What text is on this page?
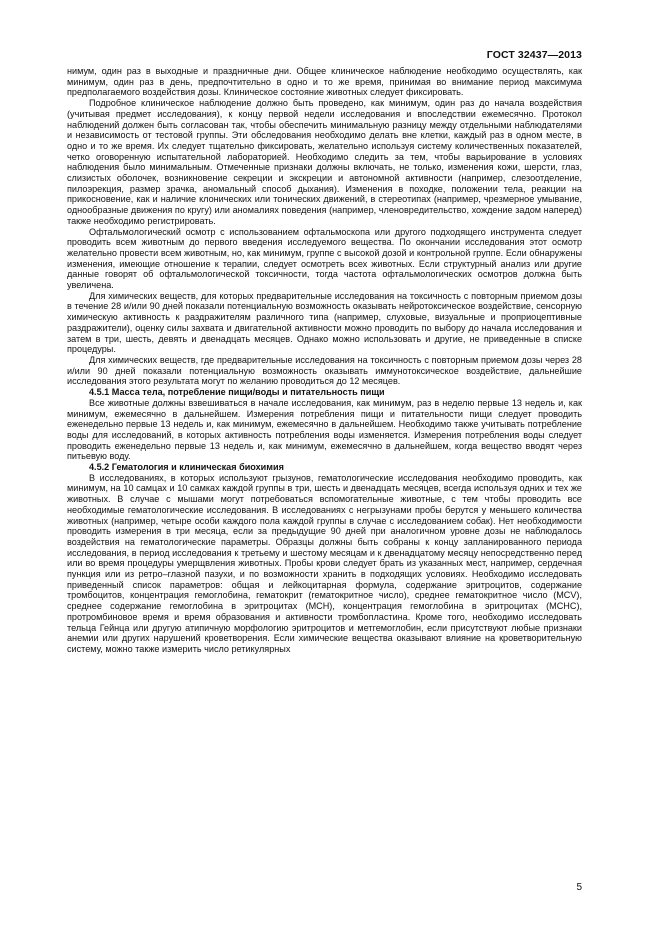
ГОСТ 32437—2013

нимум, один раз в выходные и праздничные дни. Общее клиническое наблюдение необходимо осуществлять, как минимум, один раз в день, предпочтительно в одно и то же время, принимая во внимание период максимума предполагаемого воздействия дозы. Клиническое состояние животных следует фиксировать.

Подробное клиническое наблюдение должно быть проведено, как минимум, один раз до начала воздействия (учитывая предмет исследования), к концу первой недели исследования и впоследствии ежемесячно. Протокол наблюдений должен быть согласован так, чтобы обеспечить минимальную разницу между отдельными наблюдателями и независимость от тестовой группы. Эти обследования необходимо делать вне клетки, каждый раз в одном месте, в одно и то же время. Их следует тщательно фиксировать, желательно используя систему количественных показателей, четко оговоренную испытательной лабораторией. Необходимо следить за тем, чтобы варьирование в условиях наблюдения было минимальным. Отмеченные признаки должны включать, не только, изменения кожи, шерсти, глаз, слизистых оболочек, возникновение секреции и экскреции и автономной активности (например, слезоотделение, пилоэрекция, размер зрачка, аномальный способ дыхания). Изменения в походке, положении тела, реакции на прикосновение, как и наличие клонических или тонических движений, в стереотипах (например, чрезмерное умывание, однообразные движения по кругу) или аномалиях поведения (например, членовредительство, хождение задом наперед) также необходимо регистрировать.

Офтальмологический осмотр с использованием офтальмоскопа или другого подходящего инструмента следует проводить всем животным до первого введения исследуемого вещества. По окончании исследования этот осмотр желательно провести всем животным, но, как минимум, группе с высокой дозой и контрольной группе. Если обнаружены изменения, имеющие отношение к терапии, следует осмотреть всех животных. Если структурный анализ или другие данные говорят об офтальмологической токсичности, тогда частота офтальмологических осмотров должна быть увеличена.

Для химических веществ, для которых предварительные исследования на токсичность с повторным приемом дозы в течение 28 и/или 90 дней показали потенциальную возможность оказывать нейротоксическое воздействие, сенсорную химическую активность к раздражителям различного типа (например, слуховые, визуальные и проприоцептивные раздражители), оценку силы захвата и двигательной активности можно проводить по выбору до начала исследования и затем в три, шесть, девять и двенадцать месяцев. Однако можно использовать и другие, не приведенные в списке процедуры.

Для химических веществ, где предварительные исследования на токсичность с повторным приемом дозы через 28 и/или 90 дней показали потенциальную возможность оказывать иммунотоксическое воздействие, дальнейшие исследования этого результата могут по желанию проводиться до 12 месяцев.

4.5.1 Масса тела, потребление пищи/воды и питательность пищи

Все животные должны взвешиваться в начале исследования, как минимум, раз в неделю первые 13 недель и, как минимум, ежемесячно в дальнейшем. Измерения потребления пищи и питательности пищи следует проводить еженедельно первые 13 недель и, как минимум, ежемесячно в дальнейшем. Необходимо также учитывать потребление воды для исследований, в которых активность потребления воды изменяется. Измерения потребления воды следует проводить еженедельно первые 13 недель и, как минимум, ежемесячно в дальнейшем, когда вещество вводят через питьевую воду.

4.5.2 Гематология и клиническая биохимия

В исследованиях, в которых используют грызунов, гематологические исследования необходимо проводить, как минимум, на 10 самцах и 10 самках каждой группы в три, шесть и двенадцать месяцев, всегда используя одних и тех же животных. В случае с мышами могут потребоваться вспомогательные животные, с тем чтобы проводить все необходимые гематологические исследования. В исследованиях с негрызунами пробы берутся у меньшего количества животных (например, четыре особи каждого пола каждой группы в случае с исследованием собак). Нет необходимости проводить измерения в три месяца, если за предыдущие 90 дней при аналогичном уровне дозы не наблюдалось воздействия на гематологические параметры. Образцы должны быть собраны к концу запланированного периода исследования, в период исследования к третьему и шестому месяцам и к двенадцатому месяцу непосредственно перед или во время процедуры умерщвления животных. Пробы крови следует брать из указанных мест, например, сердечная пункция или из ретро–глазной пазухи, и по возможности хранить в подходящих условиях. Необходимо исследовать приведенный список параметров: общая и лейкоцитарная формула, содержание эритроцитов, содержание тромбоцитов, концентрация гемоглобина, гематокрит (гематокритное число), среднее гематокритное число (MCV), среднее содержание гемоглобина в эритроцитах (MCH), концентрация гемоглобина в эритроцитах (MCHC), протромбиновое время и время образования и активности тромбопластина. Кроме того, необходимо исследовать тельца Гейнца или другую атипичную морфологию эритроцитов и метгемоглобин, если присутствуют любые признаки анемии или других нарушений кроветворения. Если химические вещества оказывают влияние на кроветворительную систему, можно также измерить число ретикулярных

5
